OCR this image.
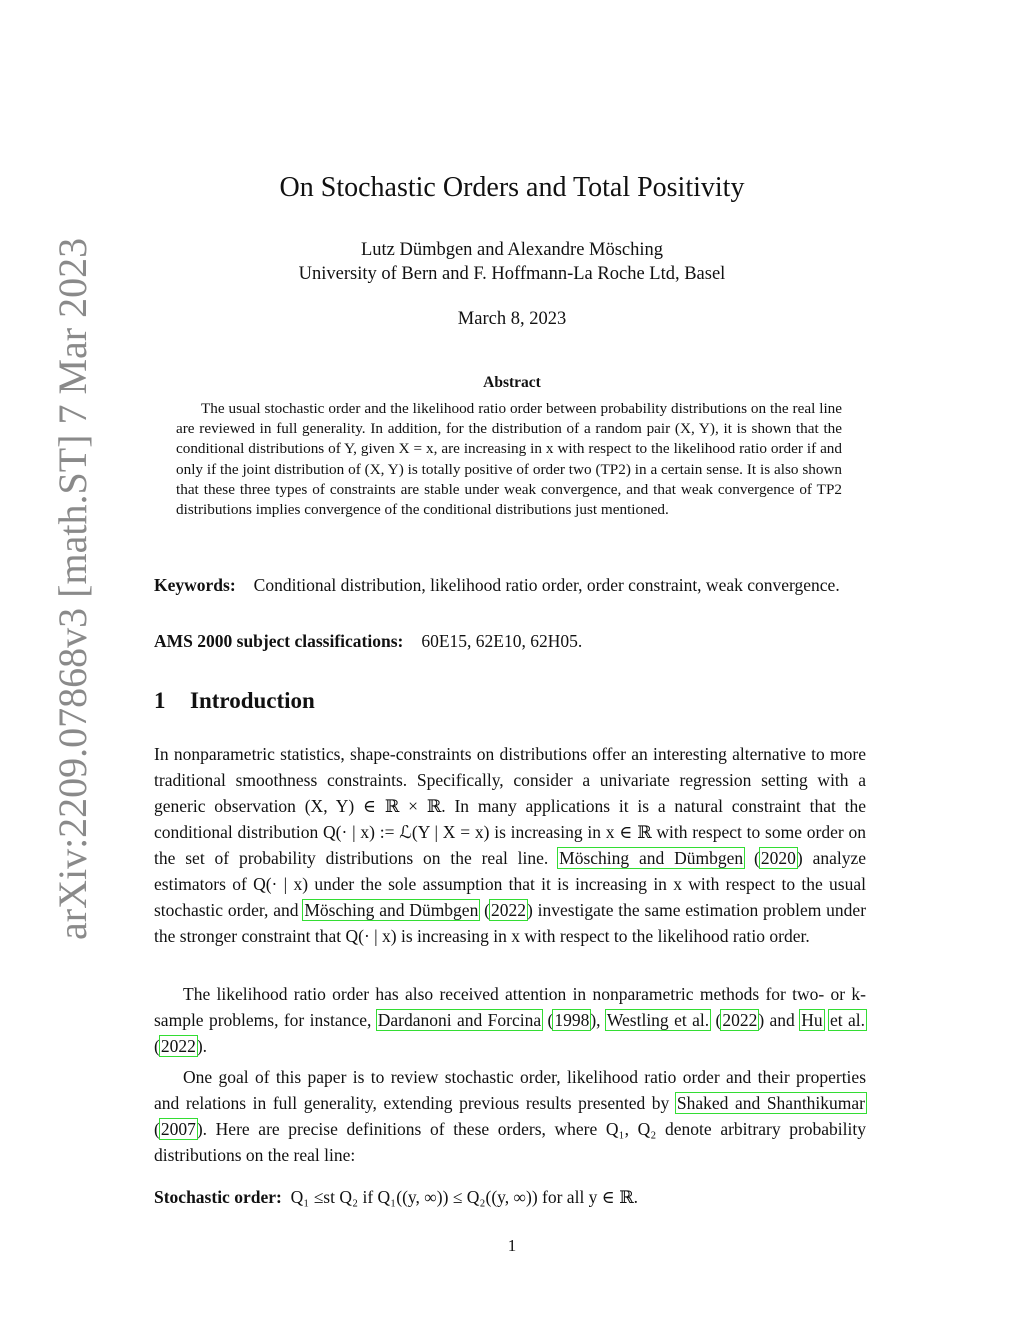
arXiv:2209.07868v3 [math.ST] 7 Mar 2023
On Stochastic Orders and Total Positivity
Lutz Dümbgen and Alexandre Mösching
University of Bern and F. Hoffmann-La Roche Ltd, Basel
March 8, 2023
Abstract
The usual stochastic order and the likelihood ratio order between probability distributions on the real line are reviewed in full generality. In addition, for the distribution of a random pair (X, Y), it is shown that the conditional distributions of Y, given X = x, are increasing in x with respect to the likelihood ratio order if and only if the joint distribution of (X, Y) is totally positive of order two (TP2) in a certain sense. It is also shown that these three types of constraints are stable under weak convergence, and that weak convergence of TP2 distributions implies convergence of the conditional distributions just mentioned.
Keywords: Conditional distribution, likelihood ratio order, order constraint, weak convergence.
AMS 2000 subject classifications: 60E15, 62E10, 62H05.
1 Introduction
In nonparametric statistics, shape-constraints on distributions offer an interesting alternative to more traditional smoothness constraints. Specifically, consider a univariate regression setting with a generic observation (X, Y) ∈ ℝ × ℝ. In many applications it is a natural constraint that the conditional distribution Q(· | x) := ℒ(Y | X = x) is increasing in x ∈ ℝ with respect to some order on the set of probability distributions on the real line. Mösching and Dümbgen (2020) analyze estimators of Q(· | x) under the sole assumption that it is increasing in x with respect to the usual stochastic order, and Mösching and Dümbgen (2022) investigate the same estimation problem under the stronger constraint that Q(· | x) is increasing in x with respect to the likelihood ratio order.
The likelihood ratio order has also received attention in nonparametric methods for two- or k-sample problems, for instance, Dardanoni and Forcina (1998), Westling et al. (2022) and Hu et al. (2022).
One goal of this paper is to review stochastic order, likelihood ratio order and their properties and relations in full generality, extending previous results presented by Shaked and Shanthikumar (2007). Here are precise definitions of these orders, where Q₁, Q₂ denote arbitrary probability distributions on the real line:
Stochastic order: Q₁ ≤st Q₂ if Q₁((y, ∞)) ≤ Q₂((y, ∞)) for all y ∈ ℝ.
1
